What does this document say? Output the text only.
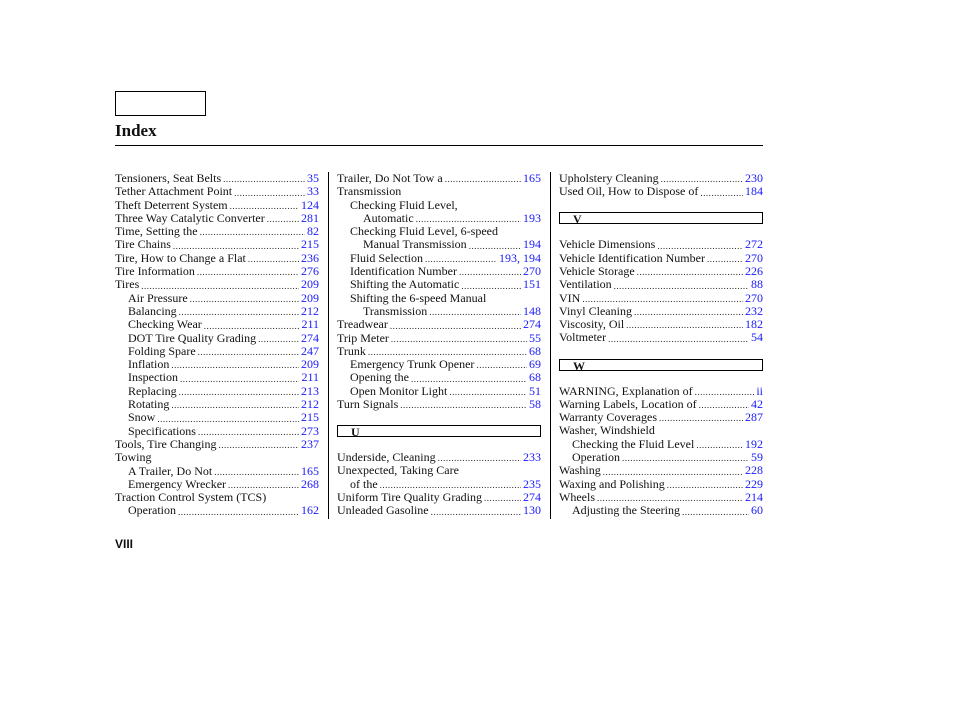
Index
Tensioners, Seat Belts .....	35
Tether Attachment Point .....	33
Theft Deterrent System .....	124
Three Way Catalytic Converter .....	281
Time, Setting the .....	82
Tire Chains .....	215
Tire, How to Change a Flat .....	236
Tire Information .....	276
Tires .....	209
Air Pressure .....	209
Balancing .....	212
Checking Wear .....	211
DOT Tire Quality Grading .....	274
Folding Spare .....	247
Inflation .....	209
Inspection .....	211
Replacing .....	213
Rotating .....	212
Snow .....	215
Specifications .....	273
Tools, Tire Changing .....	237
Towing
A Trailer, Do Not .....	165
Emergency Wrecker .....	268
Traction Control System (TCS)
Operation .....	162
Trailer, Do Not Tow a .....	165
Transmission
Checking Fluid Level,
Automatic .....	193
Checking Fluid Level, 6-speed
Manual Transmission .....	194
Fluid Selection .....	193, 194
Identification Number .....	270
Shifting the Automatic .....	151
Shifting the 6-speed Manual
Transmission .....	148
Treadwear .....	274
Trip Meter .....	55
Trunk .....	68
Emergency Trunk Opener .....	69
Opening the .....	68
Open Monitor Light .....	51
Turn Signals .....	58
U
Underside, Cleaning .....	233
Unexpected, Taking Care
of the .....	235
Uniform Tire Quality Grading .....	274
Unleaded Gasoline .....	130
Upholstery Cleaning .....	230
Used Oil, How to Dispose of .....	184
V
Vehicle Dimensions .....	272
Vehicle Identification Number .....	270
Vehicle Storage .....	226
Ventilation .....	88
VIN .....	270
Vinyl Cleaning .....	232
Viscosity, Oil .....	182
Voltmeter .....	54
W
WARNING, Explanation of .....	ii
Warning Labels, Location of .....	42
Warranty Coverages .....	287
Washer, Windshield
Checking the Fluid Level .....	192
Operation .....	59
Washing .....	228
Waxing and Polishing .....	229
Wheels .....	214
Adjusting the Steering .....	60
VIII
